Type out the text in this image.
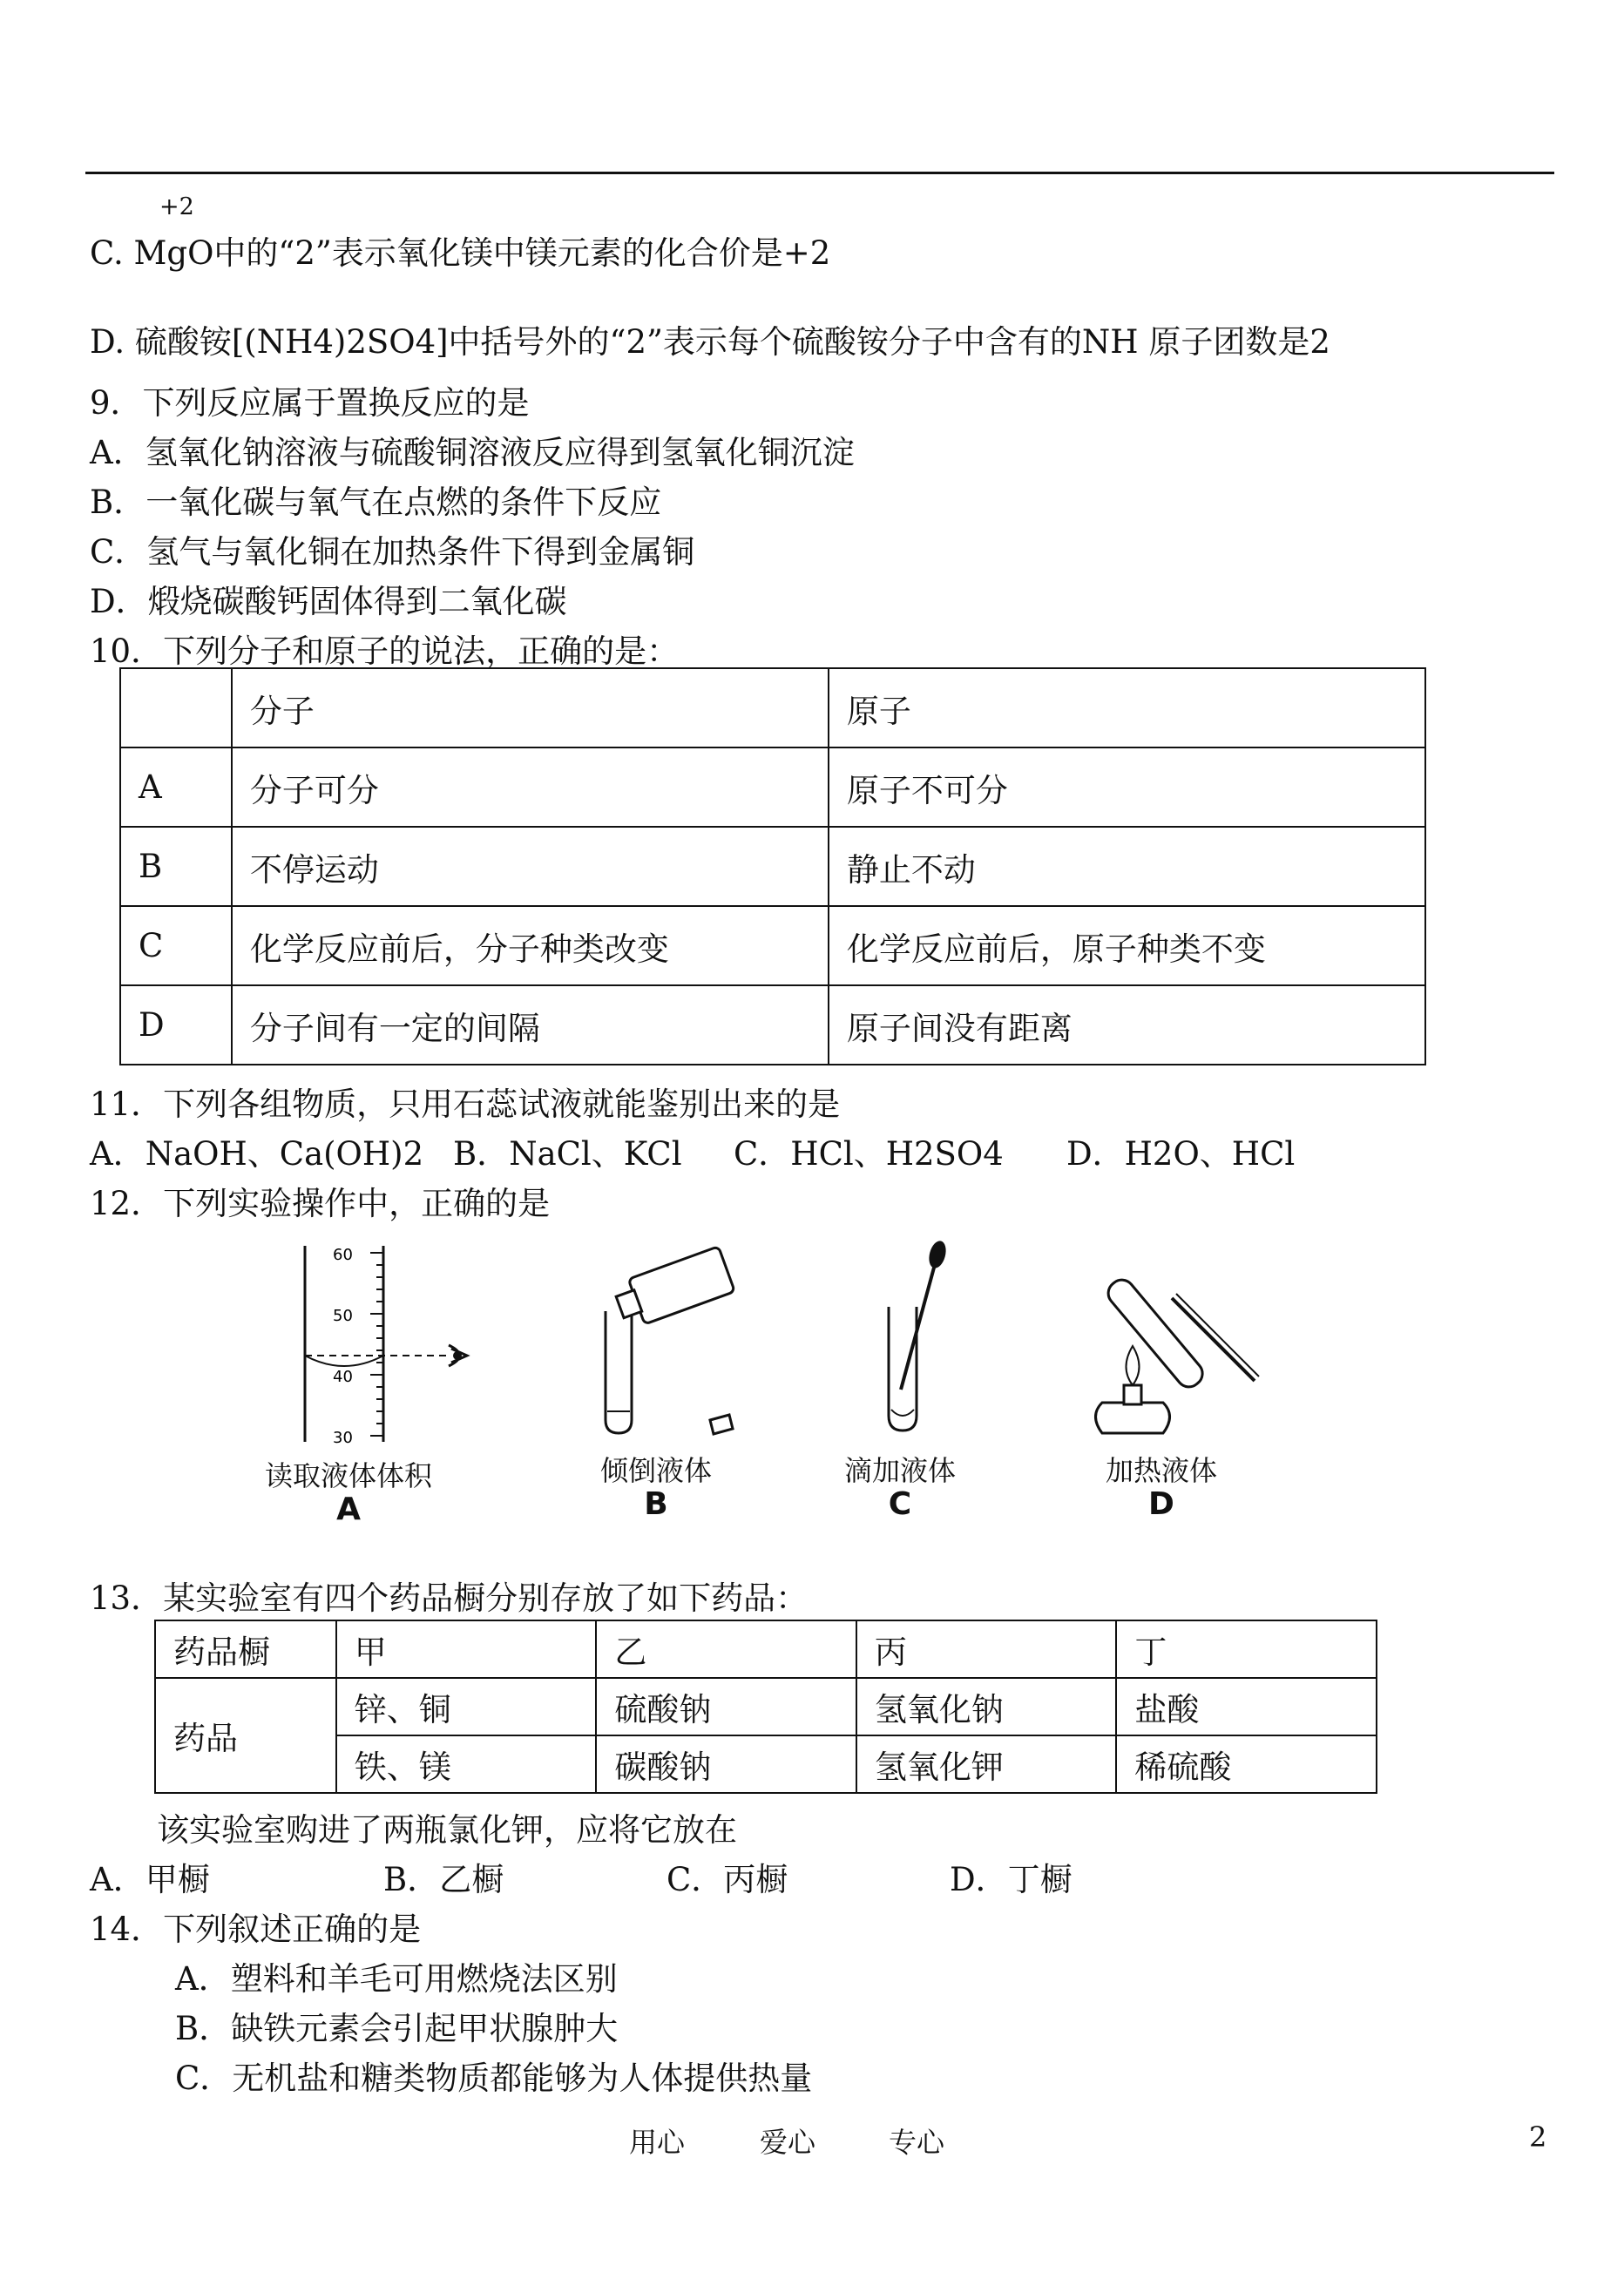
+2
C. MgO中的“2”表示氧化镁中镁元素的化合价是+2
D. 硫酸铵[(NH4)2SO4]中括号外的“2”表示每个硫酸铵分子中含有的NH 原子团数是2
9．下列反应属于置换反应的是
A．氢氧化钠溶液与硫酸铜溶液反应得到氢氧化铜沉淀
B．一氧化碳与氧气在点燃的条件下反应
C．氢气与氧化铜在加热条件下得到金属铜
D．煅烧碳酸钙固体得到二氧化碳
10．下列分子和原子的说法，正确的是：
	分子	原子
A	分子可分	原子不可分
B	不停运动	静止不动
C	化学反应前后，分子种类改变	化学反应前后，原子种类不变
D	分子间有一定的间隔	原子间没有距离
11．下列各组物质，只用石蕊试液就能鉴别出来的是
A．NaOH、Ca(OH)2 B．NaCl、KCl C．HCl、H2SO4 D．H2O、HCl
12．下列实验操作中，正确的是
60
50
40
30
读取液体体积
A
倾倒液体
B
滴加液体
C
加热液体
D
13．某实验室有四个药品橱分别存放了如下药品：
药品橱	甲	乙	丙	丁
药品	锌、铜	硫酸钠	氢氧化钠	盐酸
	铁、镁	碳酸钠	氢氧化钾	稀硫酸
该实验室购进了两瓶氯化钾，应将它放在
A．甲橱	B．乙橱	C．丙橱	D．丁橱
14．下列叙述正确的是
A．塑料和羊毛可用燃烧法区别
B．缺铁元素会引起甲状腺肿大
C．无机盐和糖类物质都能够为人体提供热量
用心	爱心	专心	2
